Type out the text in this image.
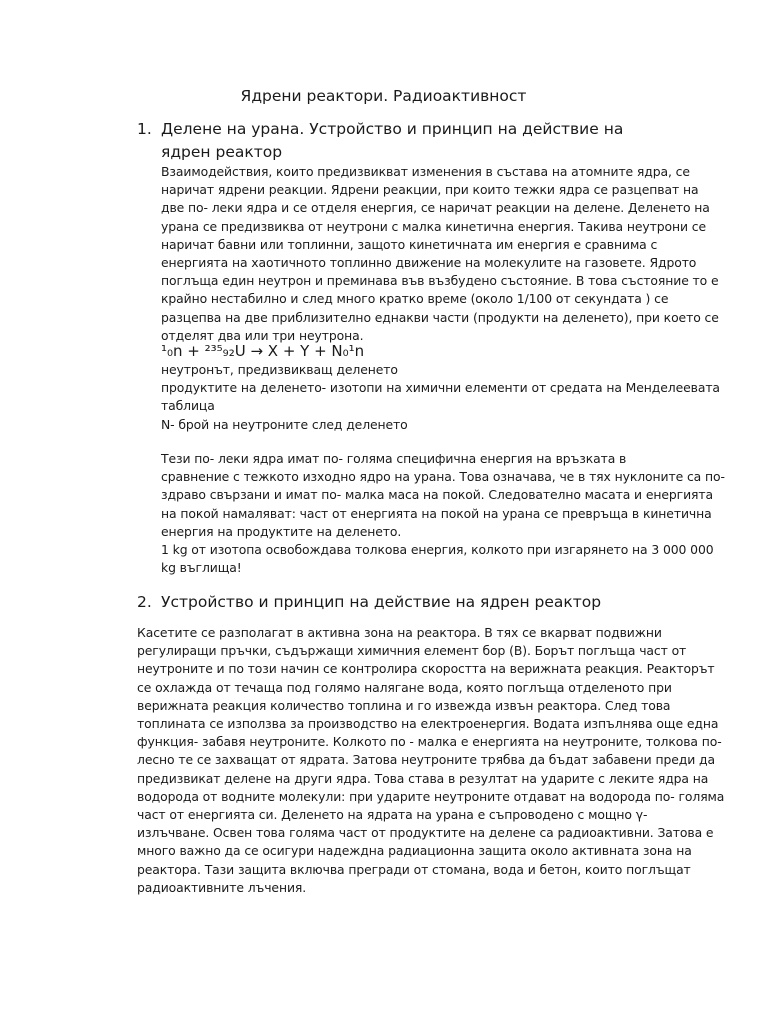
Ядрени реактори. Радиоактивност
1. Делене на урана. Устройство и принцип на действие на ядрен реактор
Взаимодействия, които предизвикват изменения в състава на атомните ядра, се
наричат ядрени реакции. Ядрени реакции, при които тежки ядра се разцепват на
две по- леки ядра и се отделя енергия, се наричат реакции на делене. Деленето на
урана се предизвиква от неутрони с малка кинетична енергия. Такива неутрони се
наричат бавни или топлинни, защото кинетичната им енергия е сравнима с
енергията на хаотичното топлинно движение на молекулите на газовете. Ядрото
поглъща един неутрон и преминава във възбудено състояние. В това състояние то е
крайно нестабилно и след много кратко време (около 1/100 от секундата ) се
разцепва на две приблизително еднакви части (продукти на деленето), при което се
отделят два или три неутрона.
¹₀n + ²³⁵₉₂U → X + Y + N₀¹n
неутронът, предизвикващ деленето
продуктите на деленето- изотопи на химични елементи от средата на Менделеевата
таблица
N- брой на неутроните след деленето
Тези по- леки ядра имат по- голяма специфична енергия на връзката в
сравнение с тежкото изходно ядро на урана. Това означава, че в тях нуклоните са по-
здраво свързани и имат по- малка маса на покой. Следователно масата и енергията
на покой намаляват: част от енергията на покой на урана се превръща в кинетична
енергия на продуктите на деленето.
1 kg от изотопа освобождава толкова енергия, колкото при изгарянето на 3 000 000
kg въглища!
2. Устройство и принцип на действие на ядрен реактор
Касетите се разполагат в активна зона на реактора. В тях се вкарват подвижни
регулиращи пръчки, съдържащи химичния елемент бор (B). Борът поглъща част от
неутроните и по този начин се контролира скоростта на верижната реакция. Реакторът
се охлажда от течаща под голямо налягане вода, която поглъща отделеното при
верижната реакция количество топлина и го извежда извън реактора. След това
топлината се използва за производство на електроенергия. Водата изпълнява още една
функция- забавя неутроните. Колкото по - малка е енергията на неутроните, толкова по-
лесно те се захващат от ядрата. Затова неутроните трябва да бъдат забавени преди да
предизвикат делене на други ядра. Това става в резултат на ударите с леките ядра на
водорода от водните молекули: при ударите неутроните отдават на водорода по- голяма
част от енергията си. Деленето на ядрата на урана е съпроводено с мощно γ-
излъчване. Освен това голяма част от продуктите на делене са радиоактивни. Затова е
много важно да се осигури надеждна радиационна защита около активната зона на
реактора. Тази защита включва прегради от стомана, вода и бетон, които поглъщат
радиоактивните лъчения.
